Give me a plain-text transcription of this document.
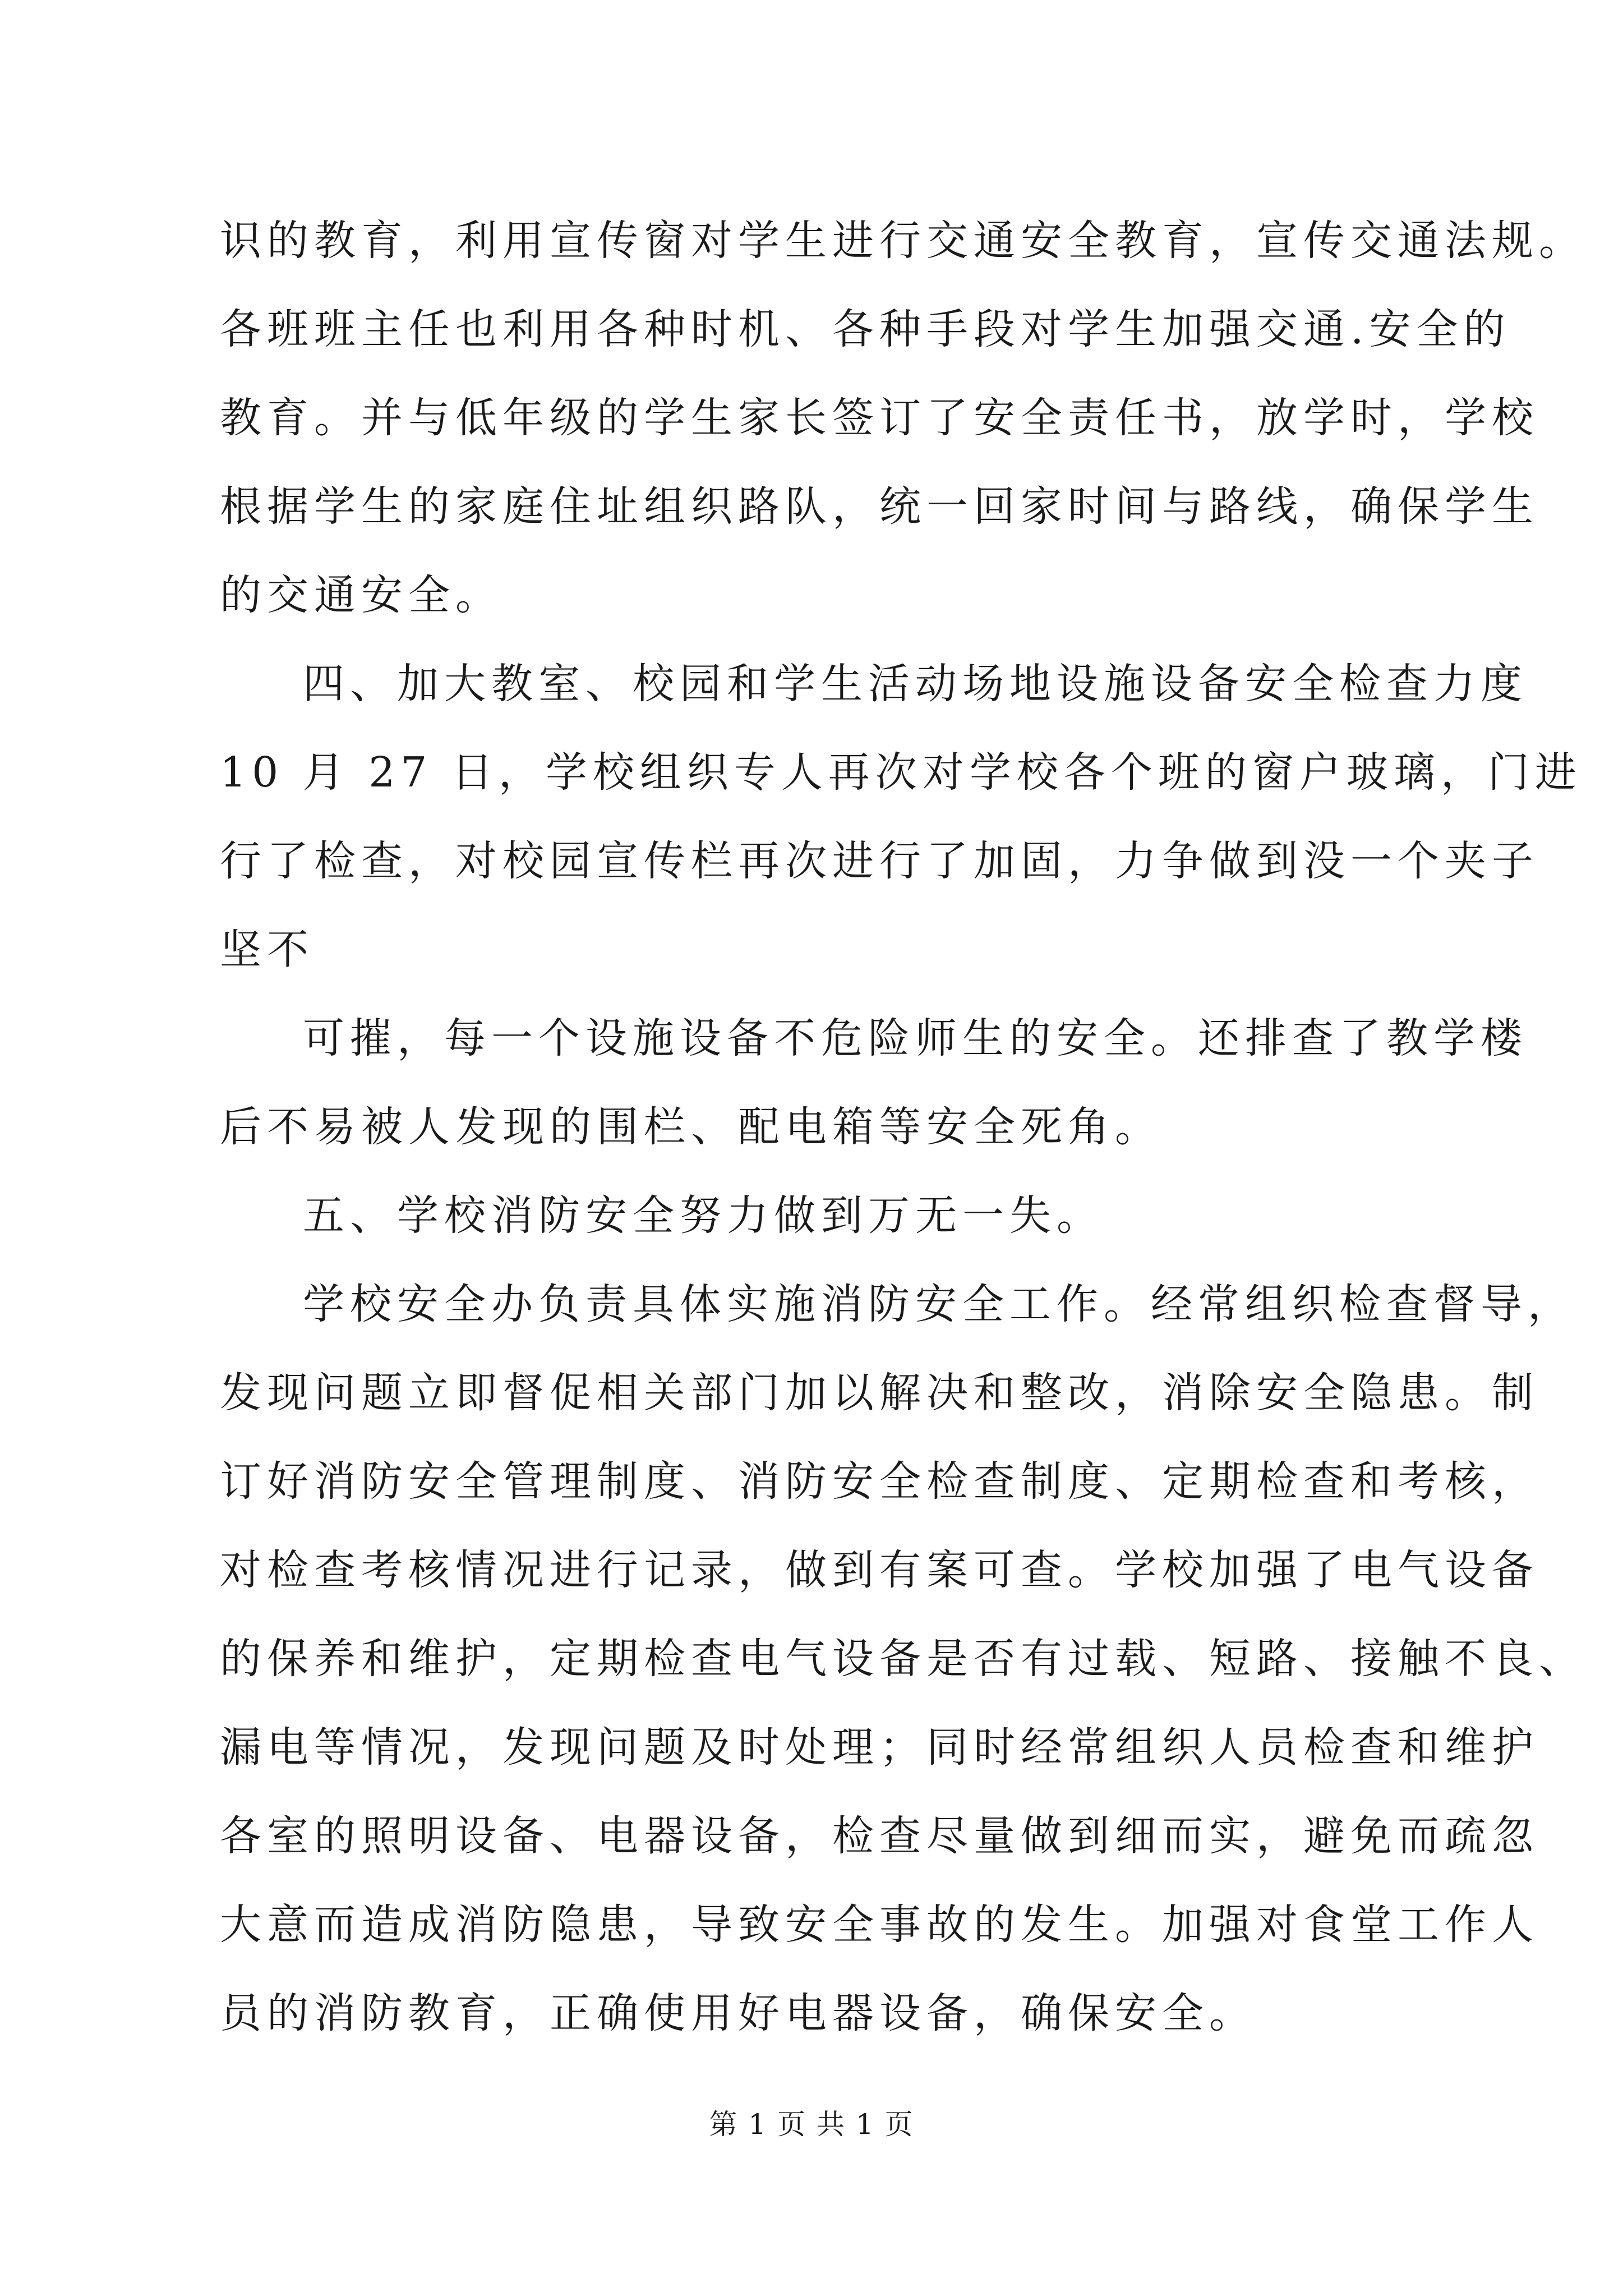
识的教育，利用宣传窗对学生进行交通安全教育，宣传交通法规。
各班班主任也利用各种时机、各种手段对学生加强交通.安全的
教育。并与低年级的学生家长签订了安全责任书，放学时，学校
根据学生的家庭住址组织路队，统一回家时间与路线，确保学生
的交通安全。
四、加大教室、校园和学生活动场地设施设备安全检查力度
10 月 27 日，学校组织专人再次对学校各个班的窗户玻璃，门进
行了检查，对校园宣传栏再次进行了加固，力争做到没一个夹子
坚不
可摧，每一个设施设备不危险师生的安全。还排查了教学楼
后不易被人发现的围栏、配电箱等安全死角。
五、学校消防安全努力做到万无一失。
学校安全办负责具体实施消防安全工作。经常组织检查督导，
发现问题立即督促相关部门加以解决和整改，消除安全隐患。制
订好消防安全管理制度、消防安全检查制度、定期检查和考核，
对检查考核情况进行记录，做到有案可查。学校加强了电气设备
的保养和维护，定期检查电气设备是否有过载、短路、接触不良、
漏电等情况，发现问题及时处理；同时经常组织人员检查和维护
各室的照明设备、电器设备，检查尽量做到细而实，避免而疏忽
大意而造成消防隐患，导致安全事故的发生。加强对食堂工作人
员的消防教育，正确使用好电器设备，确保安全。
第 1 页 共 1 页
